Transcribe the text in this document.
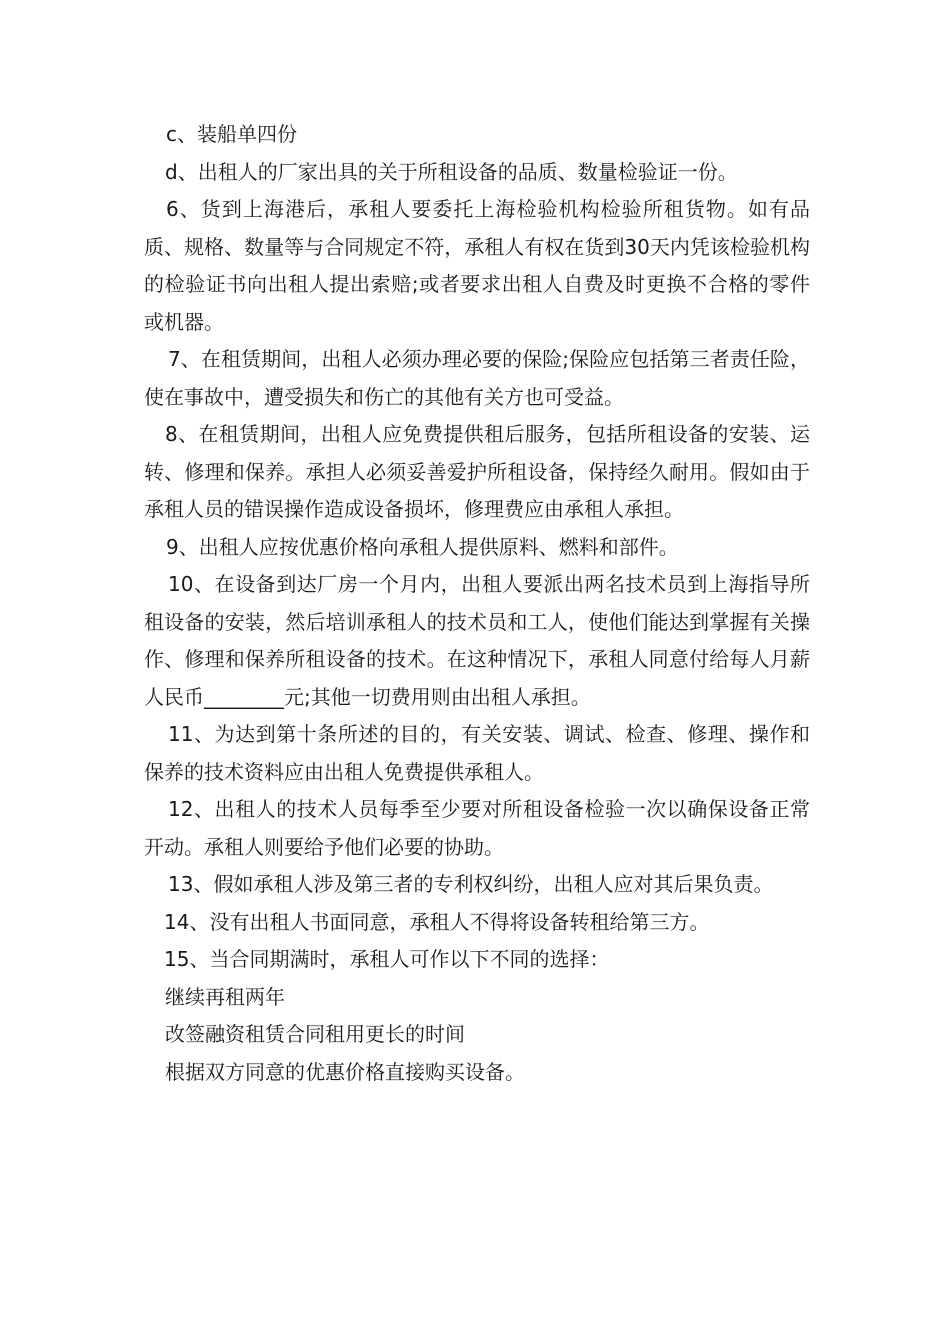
c、装船单四份

d、出租人的厂家出具的关于所租设备的品质、数量检验证一份。

6、货到上海港后，承租人要委托上海检验机构检验所租货物。如有品质、规格、数量等与合同规定不符，承租人有权在货到30天内凭该检验机构的检验证书向出租人提出索赔;或者要求出租人自费及时更换不合格的零件或机器。

7、在租赁期间，出租人必须办理必要的保险;保险应包括第三者责任险，使在事故中，遭受损失和伤亡的其他有关方也可受益。

8、在租赁期间，出租人应免费提供租后服务，包括所租设备的安装、运转、修理和保养。承担人必须妥善爱护所租设备，保持经久耐用。假如由于承租人员的错误操作造成设备损坏，修理费应由承租人承担。

9、出租人应按优惠价格向承租人提供原料、燃料和部件。

10、在设备到达厂房一个月内，出租人要派出两名技术员到上海指导所租设备的安装，然后培训承租人的技术员和工人，使他们能达到掌握有关操作、修理和保养所租设备的技术。在这种情况下，承租人同意付给每人月薪人民币________元;其他一切费用则由出租人承担。

11、为达到第十条所述的目的，有关安装、调试、检查、修理、操作和保养的技术资料应由出租人免费提供承租人。

12、出租人的技术人员每季至少要对所租设备检验一次以确保设备正常开动。承租人则要给予他们必要的协助。

13、假如承租人涉及第三者的专利权纠纷，出租人应对其后果负责。

14、没有出租人书面同意，承租人不得将设备转租给第三方。

15、当合同期满时，承租人可作以下不同的选择：

继续再租两年

改签融资租赁合同租用更长的时间

根据双方同意的优惠价格直接购买设备。
